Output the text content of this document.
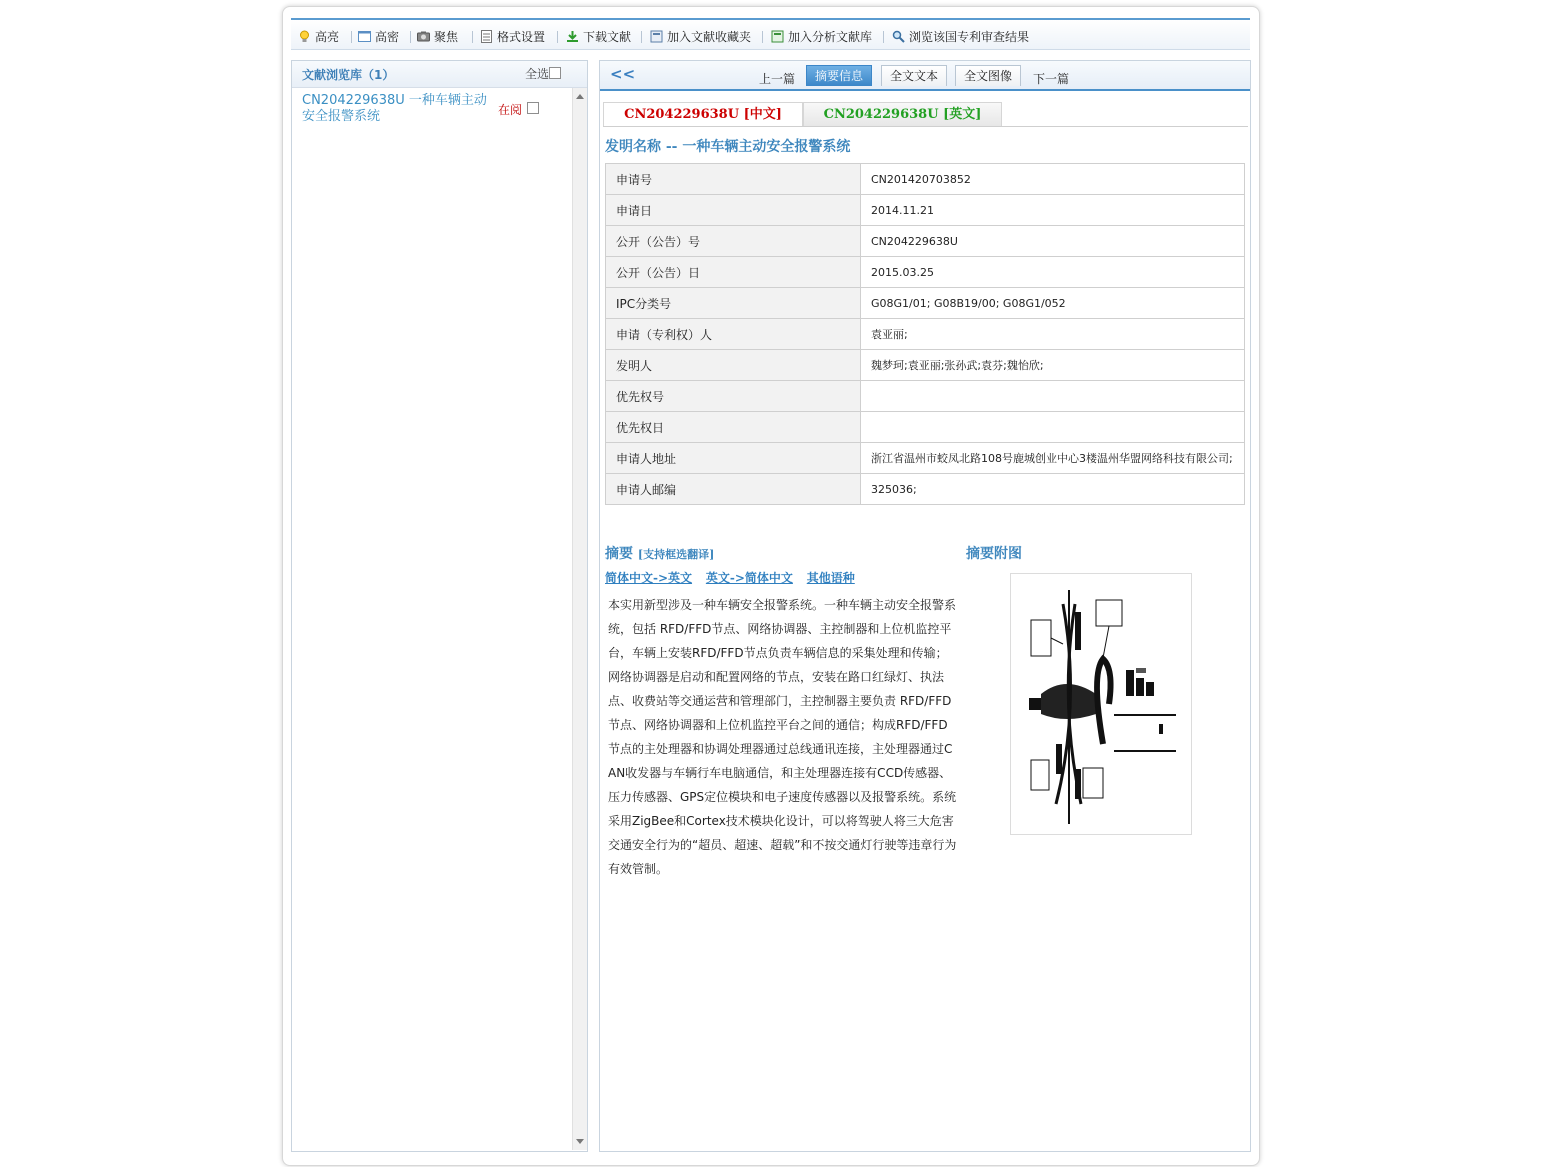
高亮	高密	聚焦	格式设置	下载文献	加入文献收藏夹	加入分析文献库	浏览该国专利审查结果
文献浏览库（1）	全选
CN204229638U 一种车辆主动安全报警系统	在阅
<<	上一篇	摘要信息	全文文本	全文图像	下一篇
CN204229638U [中文]	CN204229638U [英文]
发明名称 -- 一种车辆主动安全报警系统
申请号	CN201420703852
申请日	2014.11.21
公开（公告）号	CN204229638U
公开（公告）日	2015.03.25
IPC分类号	G08G1/01; G08B19/00; G08G1/052
申请（专利权）人	袁亚丽;
发明人	魏梦珂;袁亚丽;张孙武;袁芬;魏怡欣;
优先权号	
优先权日	
申请人地址	浙江省温州市蛟凤北路108号鹿城创业中心3楼温州华盟网络科技有限公司;
申请人邮编	325036;
摘要 [支持框选翻译]	摘要附图
简体中文->英文 英文->简体中文 其他语种
本实用新型涉及一种车辆安全报警系统。一种车辆主动安全报警系统，包括 RFD/FFD节点、网络协调器、主控制器和上位机监控平台，车辆上安装RFD/FFD节点负责车辆信息的采集处理和传输；网络协调器是启动和配置网络的节点，安装在路口红绿灯、执法点、收费站等交通运营和管理部门，主控制器主要负责 RFD/FFD节点、网络协调器和上位机监控平台之间的通信；构成RFD/FFD节点的主处理器和协调处理器通过总线通讯连接，主处理器通过CAN收发器与车辆行车电脑通信，和主处理器连接有CCD传感器、压力传感器、GPS定位模块和电子速度传感器以及报警系统。系统采用ZigBee和Cortex技术模块化设计，可以将驾驶人将三大危害交通安全行为的“超员、超速、超载”和不按交通灯行驶等违章行为有效管制。
